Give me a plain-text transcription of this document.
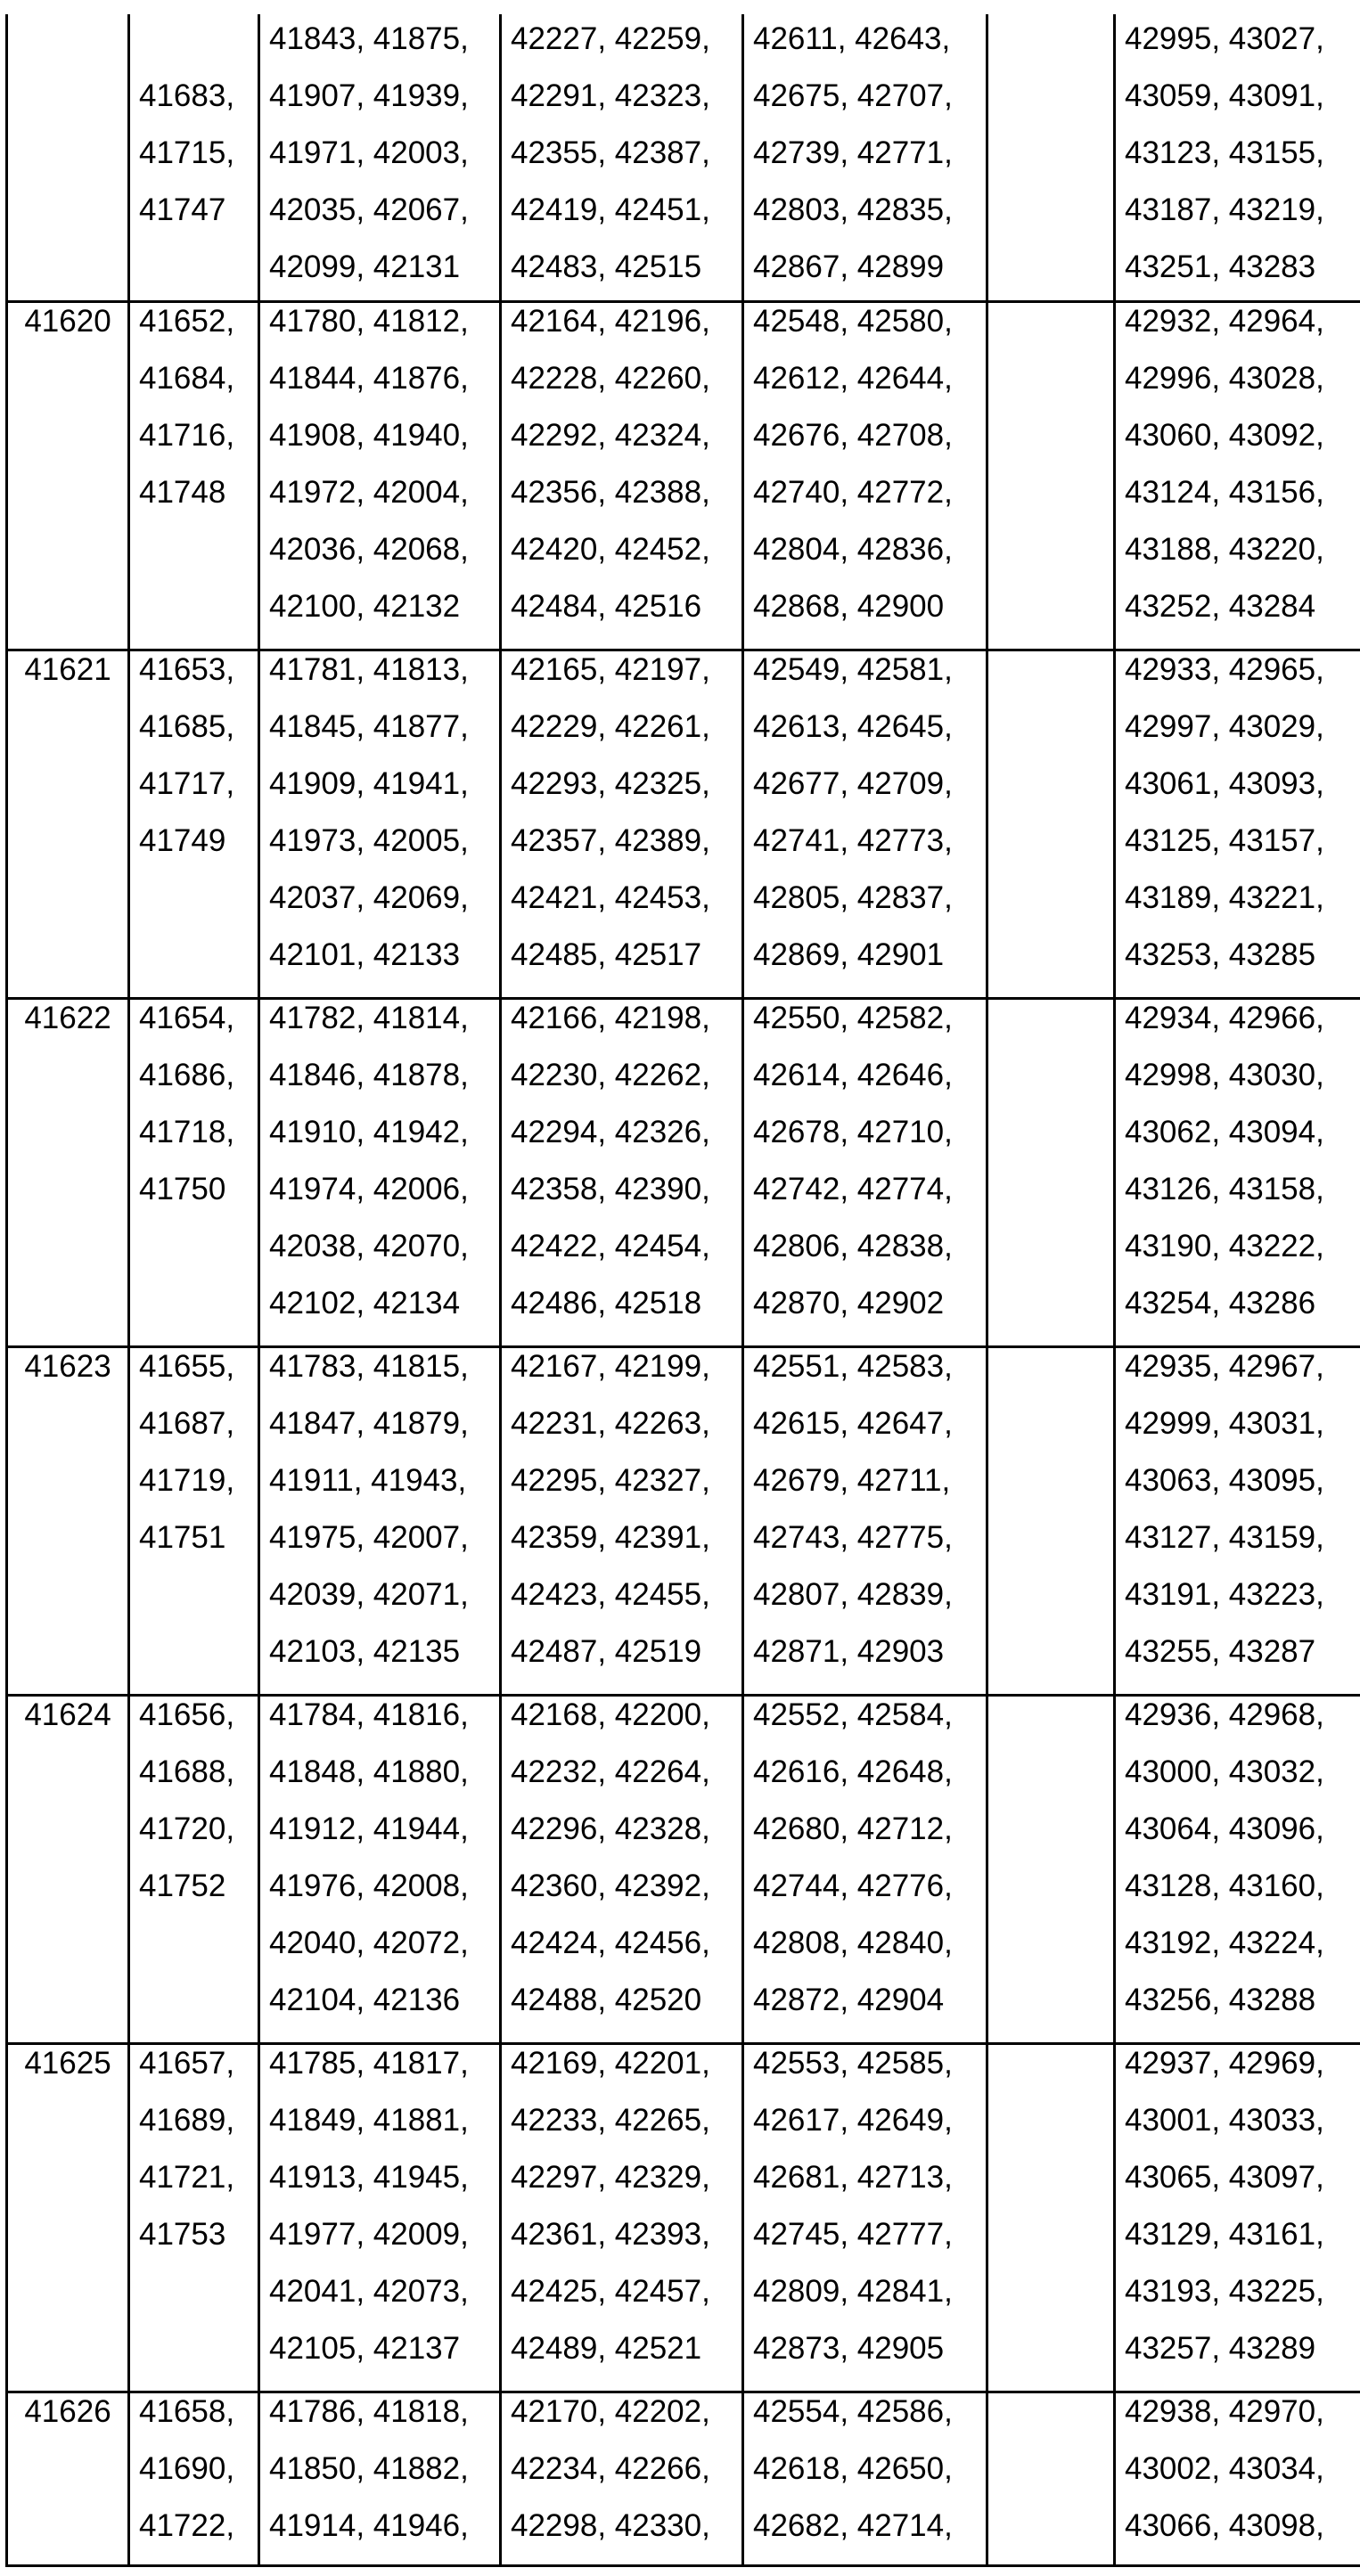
41683,
41715,
41747
41843, 41875,
41907, 41939,
41971, 42003,
42035, 42067,
42099, 42131
42227, 42259,
42291, 42323,
42355, 42387,
42419, 42451,
42483, 42515
42611, 42643,
42675, 42707,
42739, 42771,
42803, 42835,
42867, 42899
42995, 43027,
43059, 43091,
43123, 43155,
43187, 43219,
43251, 43283
41620 41652,
41684,
41716,
41748
41780, 41812,
41844, 41876,
41908, 41940,
41972, 42004,
42036, 42068,
42100, 42132
42164, 42196,
42228, 42260,
42292, 42324,
42356, 42388,
42420, 42452,
42484, 42516
42548, 42580,
42612, 42644,
42676, 42708,
42740, 42772,
42804, 42836,
42868, 42900
42932, 42964,
42996, 43028,
43060, 43092,
43124, 43156,
43188, 43220,
43252, 43284
41621 41653,
41685,
41717,
41749
41781, 41813,
41845, 41877,
41909, 41941,
41973, 42005,
42037, 42069,
42101, 42133
42165, 42197,
42229, 42261,
42293, 42325,
42357, 42389,
42421, 42453,
42485, 42517
42549, 42581,
42613, 42645,
42677, 42709,
42741, 42773,
42805, 42837,
42869, 42901
42933, 42965,
42997, 43029,
43061, 43093,
43125, 43157,
43189, 43221,
43253, 43285
41622 41654,
41686,
41718,
41750
41782, 41814,
41846, 41878,
41910, 41942,
41974, 42006,
42038, 42070,
42102, 42134
42166, 42198,
42230, 42262,
42294, 42326,
42358, 42390,
42422, 42454,
42486, 42518
42550, 42582,
42614, 42646,
42678, 42710,
42742, 42774,
42806, 42838,
42870, 42902
42934, 42966,
42998, 43030,
43062, 43094,
43126, 43158,
43190, 43222,
43254, 43286
41623 41655,
41687,
41719,
41751
41783, 41815,
41847, 41879,
41911, 41943,
41975, 42007,
42039, 42071,
42103, 42135
42167, 42199,
42231, 42263,
42295, 42327,
42359, 42391,
42423, 42455,
42487, 42519
42551, 42583,
42615, 42647,
42679, 42711,
42743, 42775,
42807, 42839,
42871, 42903
42935, 42967,
42999, 43031,
43063, 43095,
43127, 43159,
43191, 43223,
43255, 43287
41624 41656,
41688,
41720,
41752
41784, 41816,
41848, 41880,
41912, 41944,
41976, 42008,
42040, 42072,
42104, 42136
42168, 42200,
42232, 42264,
42296, 42328,
42360, 42392,
42424, 42456,
42488, 42520
42552, 42584,
42616, 42648,
42680, 42712,
42744, 42776,
42808, 42840,
42872, 42904
42936, 42968,
43000, 43032,
43064, 43096,
43128, 43160,
43192, 43224,
43256, 43288
41625 41657,
41689,
41721,
41753
41785, 41817,
41849, 41881,
41913, 41945,
41977, 42009,
42041, 42073,
42105, 42137
42169, 42201,
42233, 42265,
42297, 42329,
42361, 42393,
42425, 42457,
42489, 42521
42553, 42585,
42617, 42649,
42681, 42713,
42745, 42777,
42809, 42841,
42873, 42905
42937, 42969,
43001, 43033,
43065, 43097,
43129, 43161,
43193, 43225,
43257, 43289
41626 41658,
41690,
41722,
41786, 41818,
41850, 41882,
41914, 41946,
42170, 42202,
42234, 42266,
42298, 42330,
42554, 42586,
42618, 42650,
42682, 42714,
42938, 42970,
43002, 43034,
43066, 43098,
